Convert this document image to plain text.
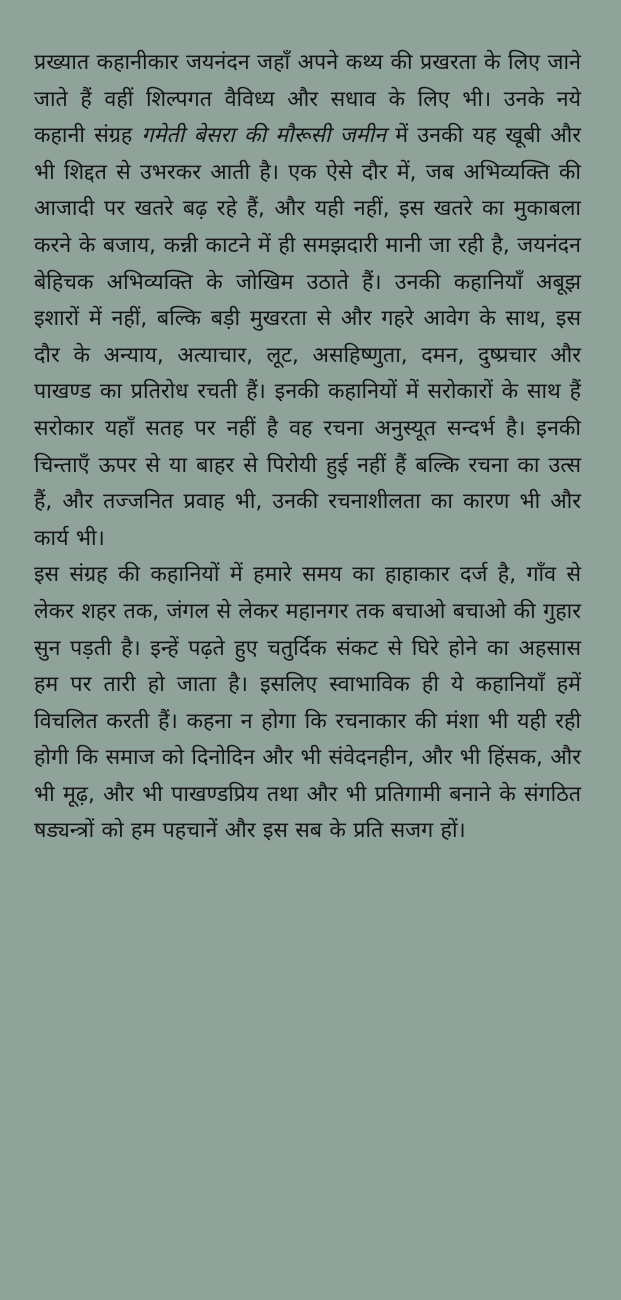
प्रख्यात कहानीकार जयनंदन जहाँ अपने कथ्य की प्रखरता के लिए जाने जाते हैं वहीं शिल्पगत वैविध्य और सधाव के लिए भी। उनके नये कहानी संग्रह गमेती बेसरा की मौरूसी जमीन में उनकी यह खूबी और भी शिद्दत से उभरकर आती है। एक ऐसे दौर में, जब अभिव्यक्ति की आजादी पर खतरे बढ़ रहे हैं, और यही नहीं, इस खतरे का मुकाबला करने के बजाय, कन्नी काटने में ही समझदारी मानी जा रही है, जयनंदन बेहिचक अभिव्यक्ति के जोखिम उठाते हैं। उनकी कहानियाँ अबूझ इशारों में नहीं, बल्कि बड़ी मुखरता से और गहरे आवेग के साथ, इस दौर के अन्याय, अत्याचार, लूट, असहिष्णुता, दमन, दुष्प्रचार और पाखण्ड का प्रतिरोध रचती हैं। इनकी कहानियों में सरोकारों के साथ हैं सरोकार यहाँ सतह पर नहीं है वह रचना अनुस्यूत सन्दर्भ है। इनकी चिन्ताएँ ऊपर से या बाहर से पिरोयी हुई नहीं हैं बल्कि रचना का उत्स हैं, और तज्जनित प्रवाह भी, उनकी रचनाशीलता का कारण भी और कार्य भी।

इस संग्रह की कहानियों में हमारे समय का हाहाकार दर्ज है, गाँव से लेकर शहर तक, जंगल से लेकर महानगर तक बचाओ बचाओ की गुहार सुन पड़ती है। इन्हें पढ़ते हुए चतुर्दिक संकट से घिरे होने का अहसास हम पर तारी हो जाता है। इसलिए स्वाभाविक ही ये कहानियाँ हमें विचलित करती हैं। कहना न होगा कि रचनाकार की मंशा भी यही रही होगी कि समाज को दिनोदिन और भी संवेदनहीन, और भी हिंसक, और भी मूढ़, और भी पाखण्डप्रिय तथा और भी प्रतिगामी बनाने के संगठित षड्यन्त्रों को हम पहचानें और इस सब के प्रति सजग हों।
